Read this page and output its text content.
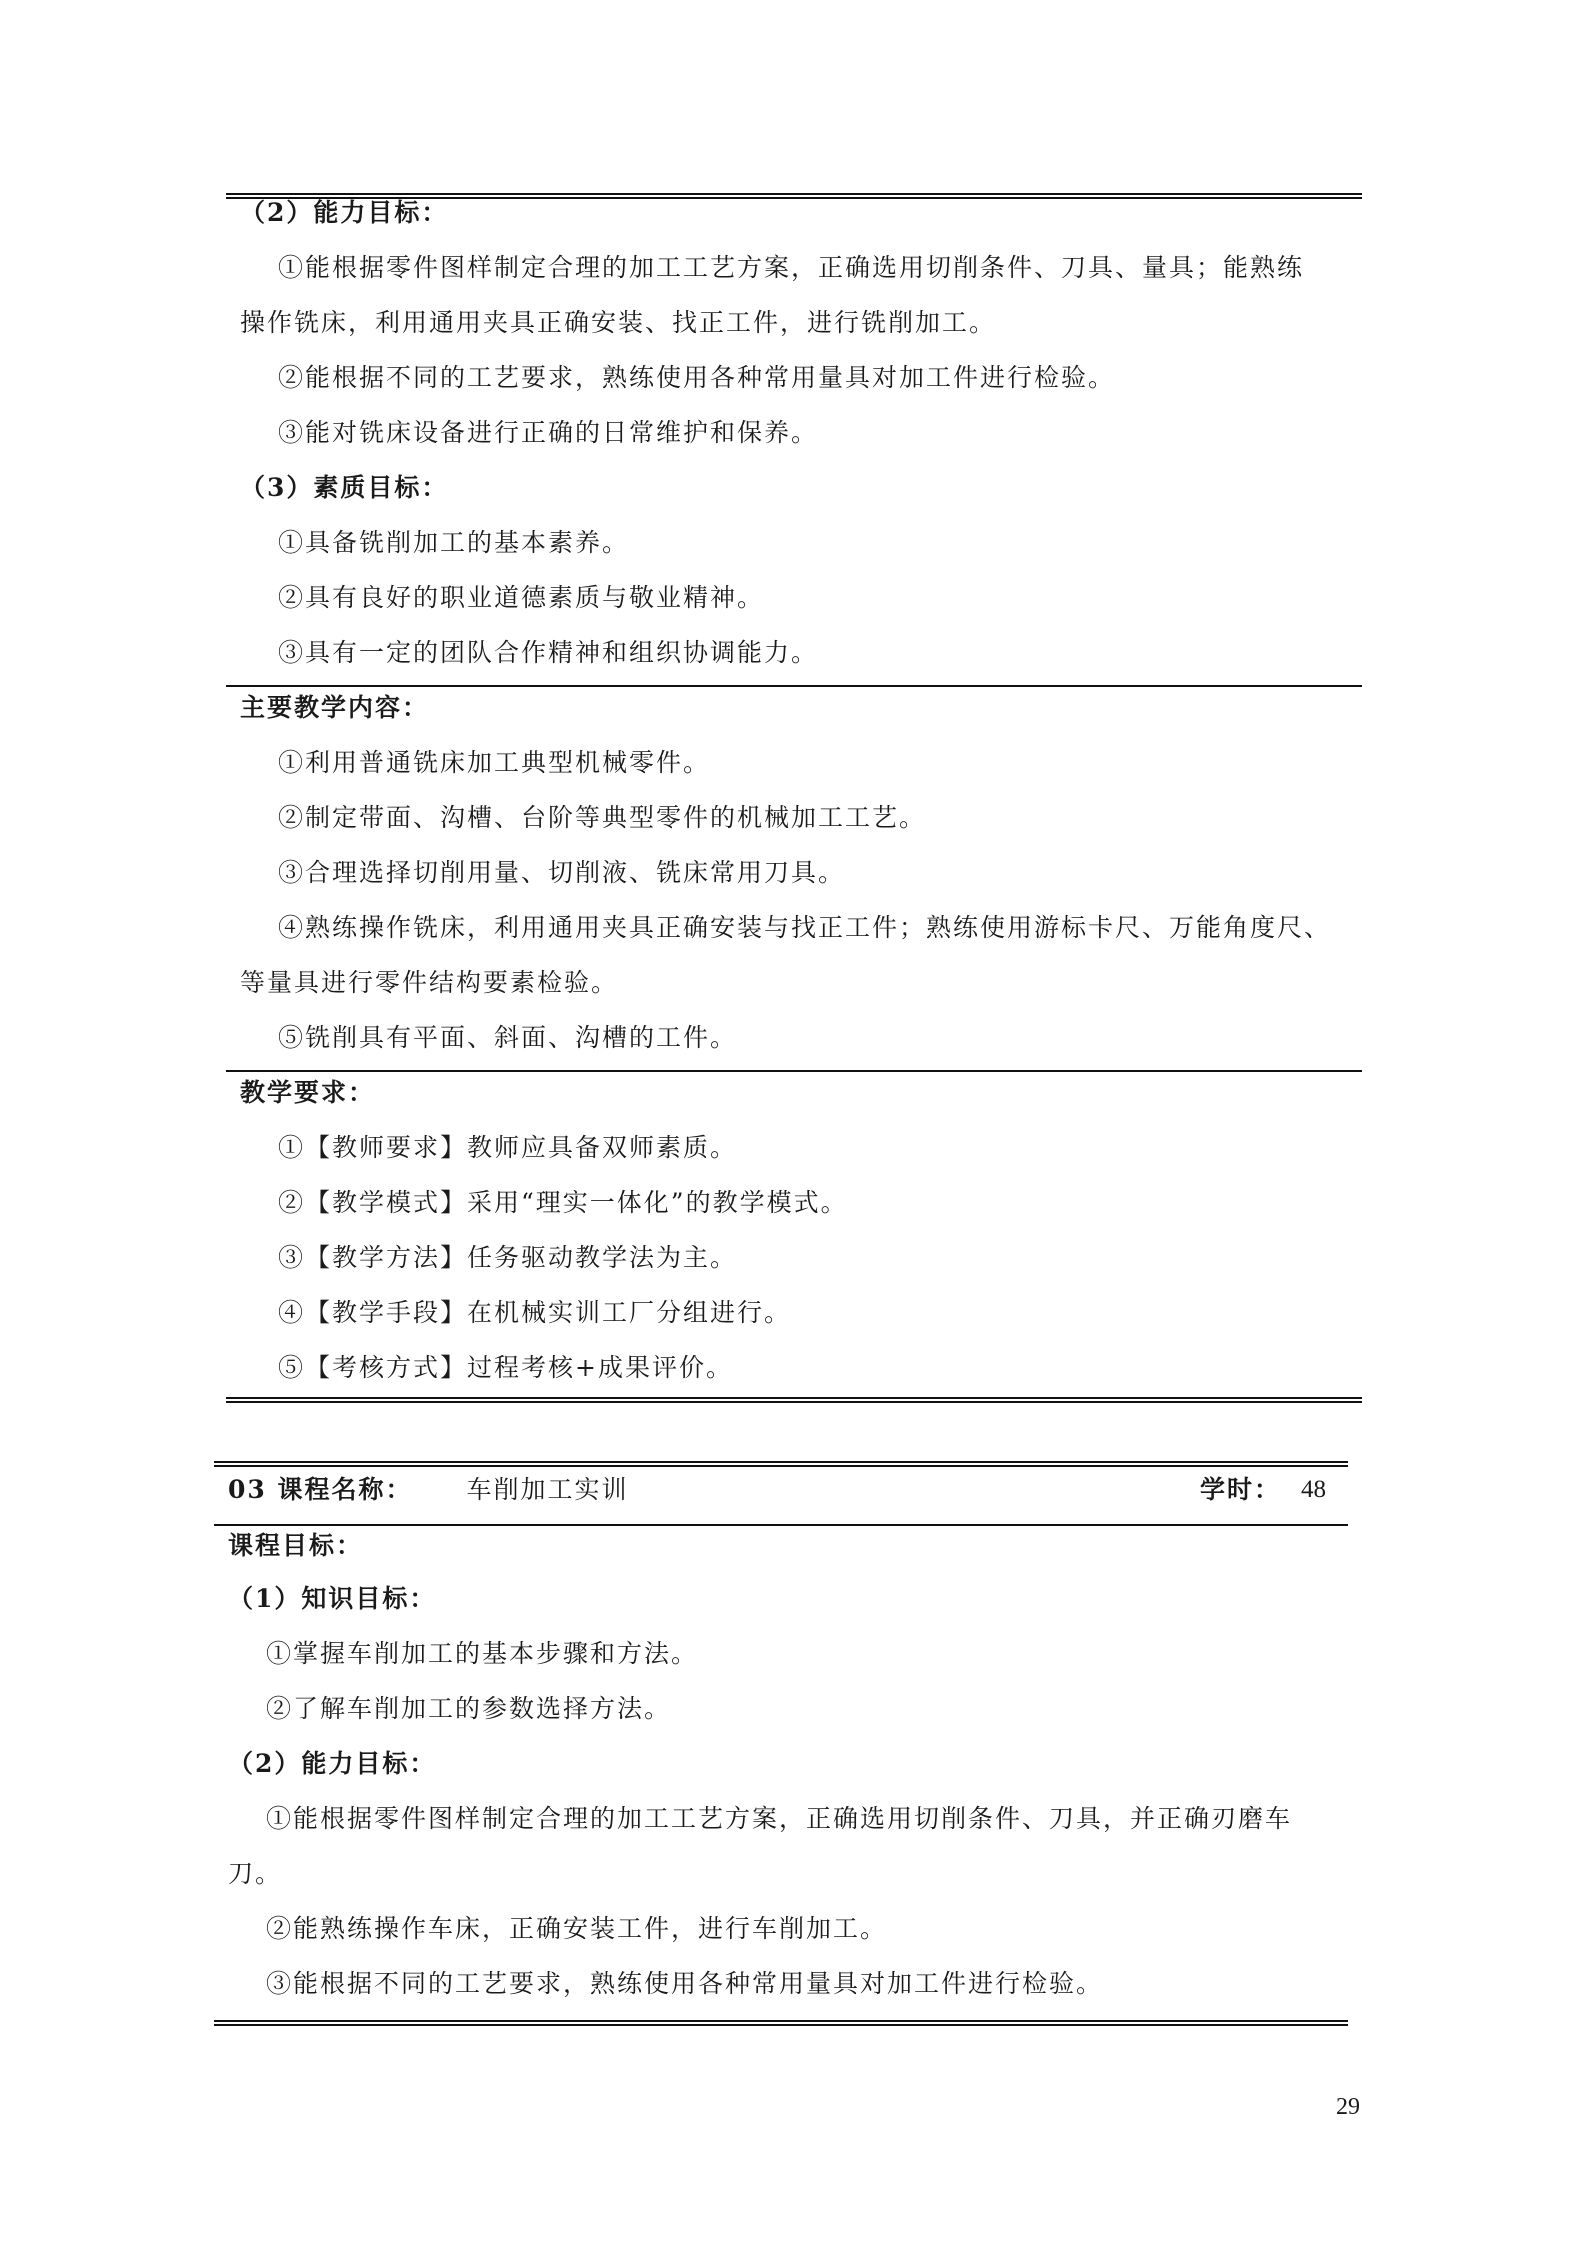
（2）能力目标：
①能根据零件图样制定合理的加工工艺方案，正确选用切削条件、刀具、量具；能熟练
操作铣床，利用通用夹具正确安装、找正工件，进行铣削加工。
②能根据不同的工艺要求，熟练使用各种常用量具对加工件进行检验。
③能对铣床设备进行正确的日常维护和保养。
（3）素质目标：
①具备铣削加工的基本素养。
②具有良好的职业道德素质与敬业精神。
③具有一定的团队合作精神和组织协调能力。
主要教学内容：
①利用普通铣床加工典型机械零件。
②制定带面、沟槽、台阶等典型零件的机械加工工艺。
③合理选择切削用量、切削液、铣床常用刀具。
④熟练操作铣床，利用通用夹具正确安装与找正工件；熟练使用游标卡尺、万能角度尺、
等量具进行零件结构要素检验。
⑤铣削具有平面、斜面、沟槽的工件。
教学要求：
①【教师要求】教师应具备双师素质。
②【教学模式】采用“理实一体化”的教学模式。
③【教学方法】任务驱动教学法为主。
④【教学手段】在机械实训工厂分组进行。
⑤【考核方式】过程考核+成果评价。
03 课程名称： 车削加工实训	学时： 48
课程目标：
（1）知识目标：
①掌握车削加工的基本步骤和方法。
②了解车削加工的参数选择方法。
（2）能力目标：
①能根据零件图样制定合理的加工工艺方案，正确选用切削条件、刀具，并正确刃磨车
刀。
②能熟练操作车床，正确安装工件，进行车削加工。
③能根据不同的工艺要求，熟练使用各种常用量具对加工件进行检验。
29
